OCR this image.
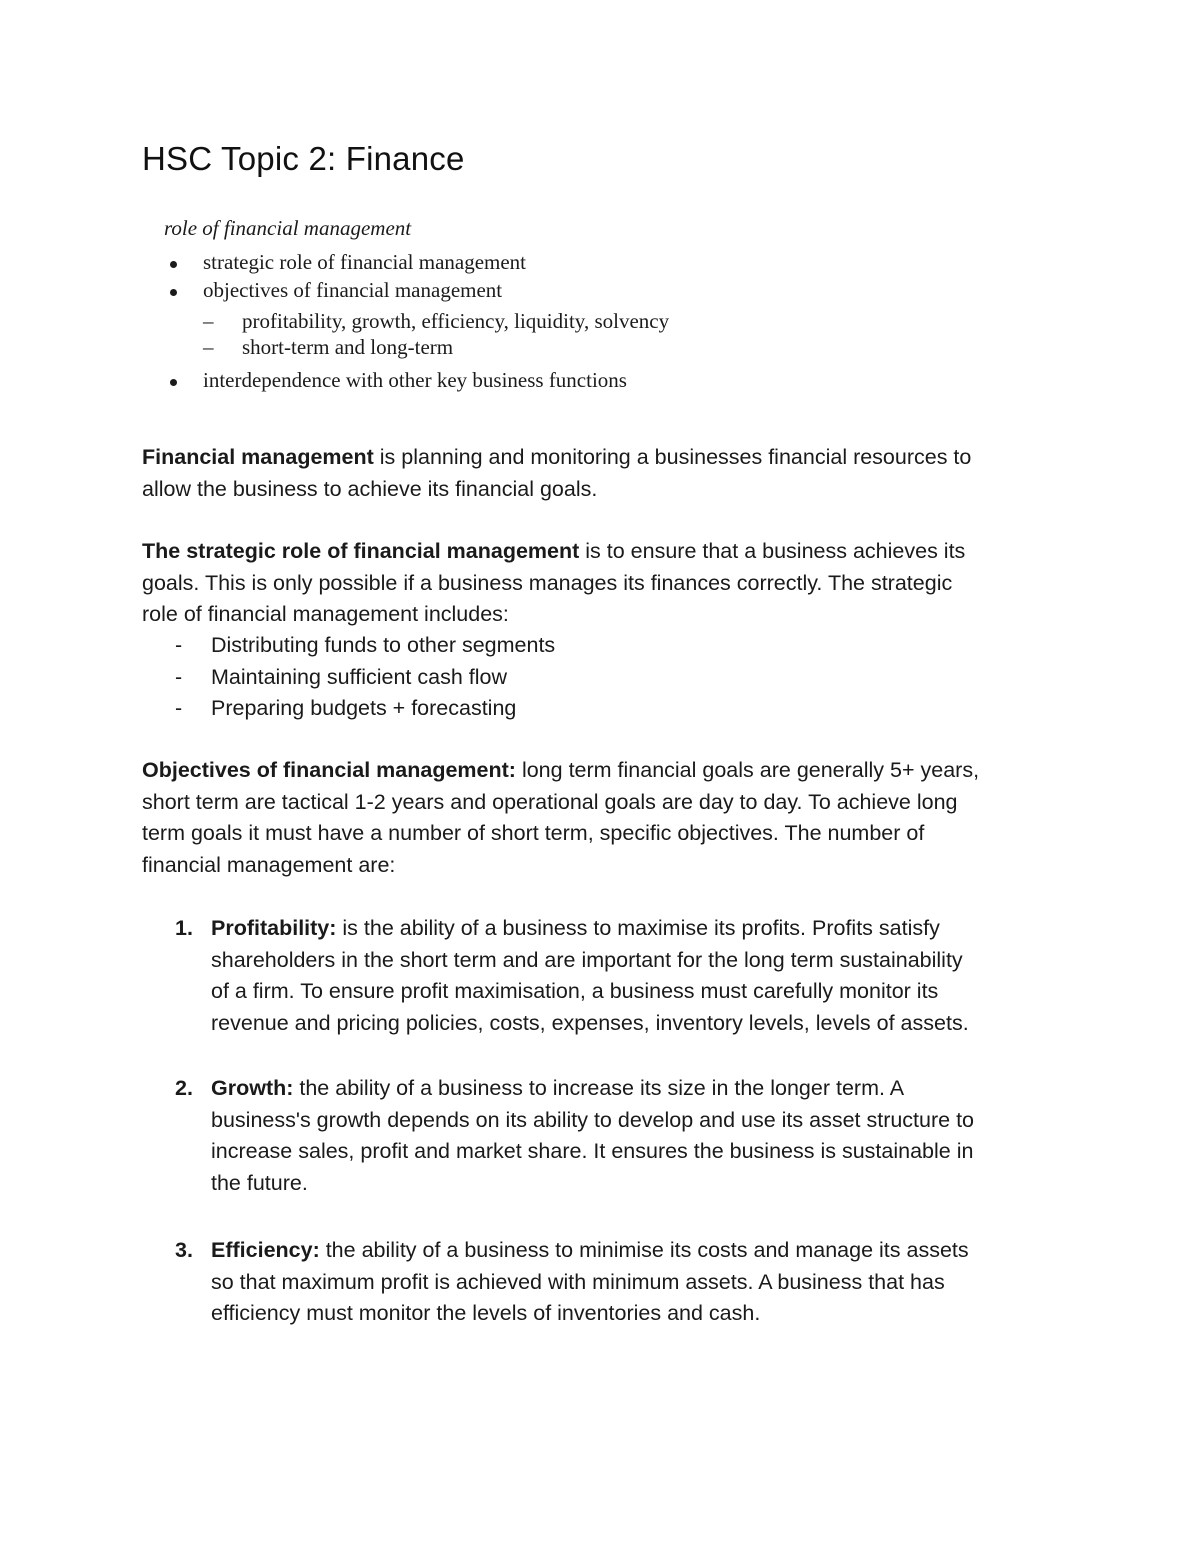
HSC Topic 2: Finance
role of financial management
strategic role of financial management
objectives of financial management
– profitability, growth, efficiency, liquidity, solvency
– short-term and long-term
interdependence with other key business functions

Financial management is planning and monitoring a businesses financial resources to
allow the business to achieve its financial goals.

The strategic role of financial management is to ensure that a business achieves its
goals. This is only possible if a business manages its finances correctly. The strategic
role of financial management includes:

- Distributing funds to other segments
- Maintaining sufficient cash flow
- Preparing budgets + forecasting

Objectives of financial management: long term financial goals are generally 5+ years,
short term are tactical 1-2 years and operational goals are day to day. To achieve long
term goals it must have a number of short term, specific objectives. The number of
financial management are:

1. Profitability: is the ability of a business to maximise its profits. Profits satisfy
shareholders in the short term and are important for the long term sustainability
of a firm. To ensure profit maximisation, a business must carefully monitor its
revenue and pricing policies, costs, expenses, inventory levels, levels of assets.
2. Growth: the ability of a business to increase its size in the longer term. A
business's growth depends on its ability to develop and use its asset structure to
increase sales, profit and market share. It ensures the business is sustainable in
the future.
3. Efficiency: the ability of a business to minimise its costs and manage its assets
so that maximum profit is achieved with minimum assets. A business that has
efficiency must monitor the levels of inventories and cash.
